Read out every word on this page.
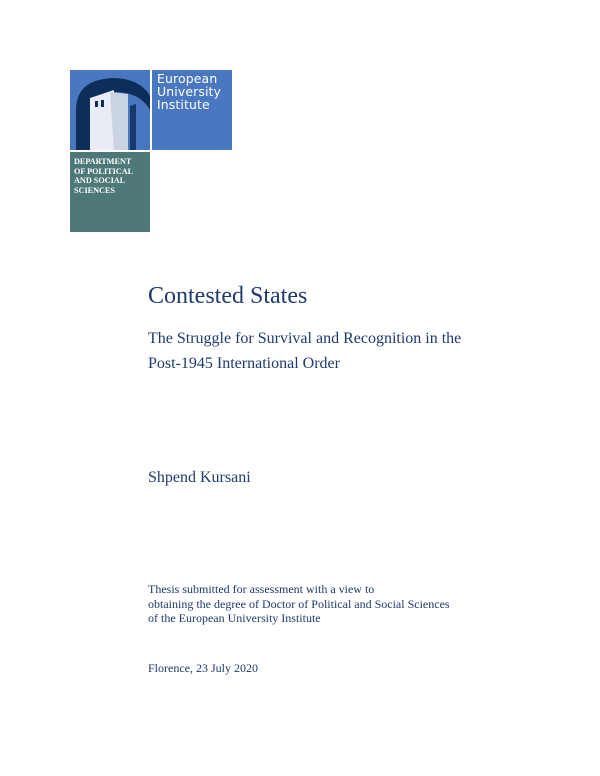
European
University
Institute
DEPARTMENT
OF POLITICAL
AND SOCIAL
SCIENCES
Contested States
The Struggle for Survival and Recognition in the
Post-1945 International Order
Shpend Kursani
Thesis submitted for assessment with a view to
obtaining the degree of Doctor of Political and Social Sciences
of the European University Institute
Florence, 23 July 2020
